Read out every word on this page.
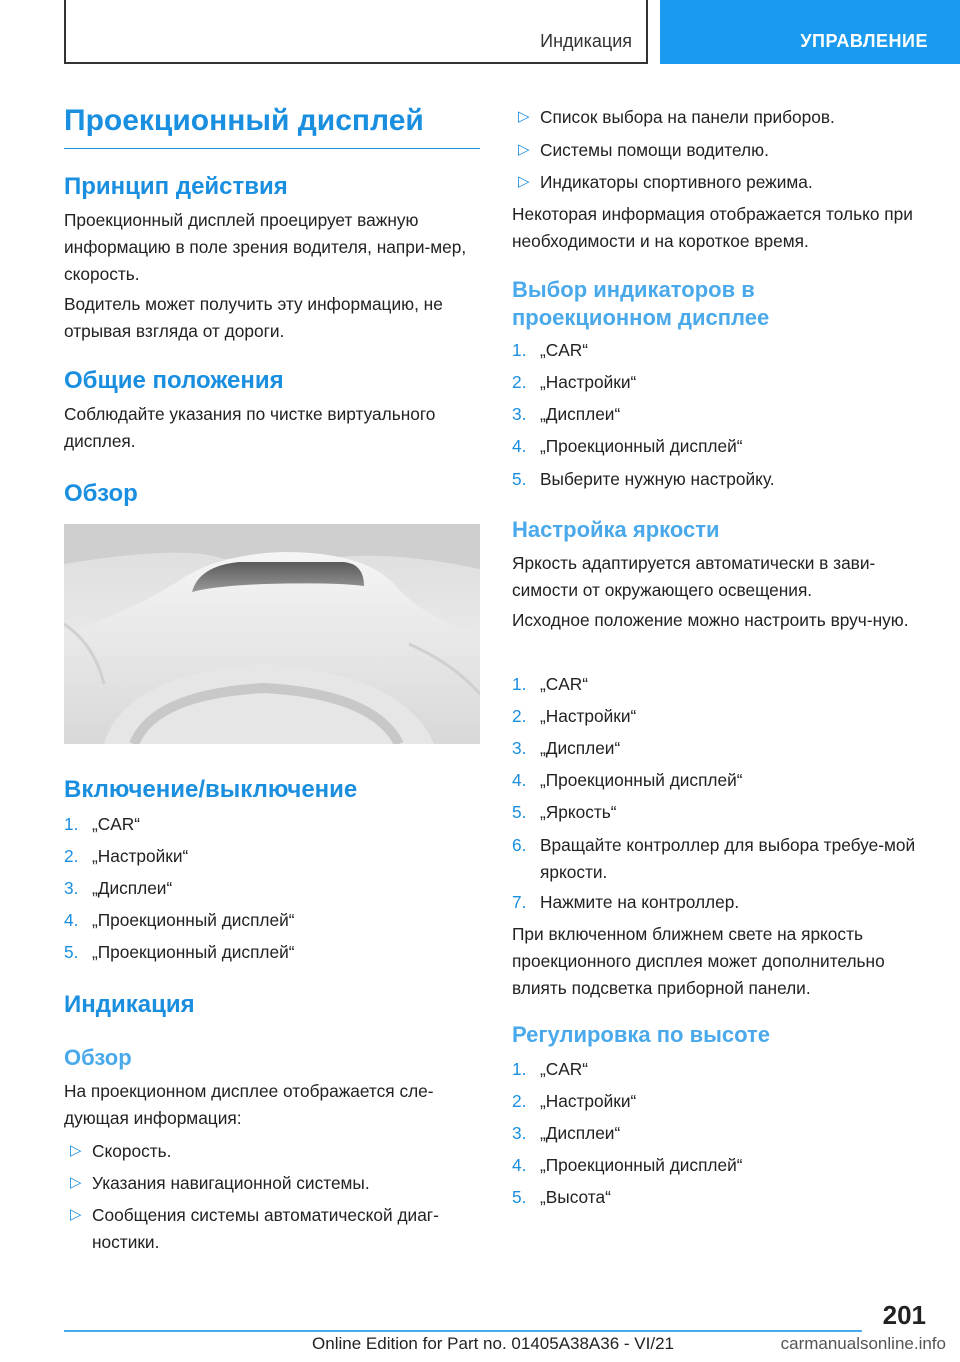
Индикация	УПРАВЛЕНИЕ
Проекционный дисплей
Принцип действия
Проекционный дисплей проецирует важную информацию в поле зрения водителя, напри-мер, скорость.
Водитель может получить эту информацию, не отрывая взгляда от дороги.
Общие положения
Соблюдайте указания по чистке виртуального дисплея.
Обзор
Включение/выключение
1. „CAR“
2. „Настройки“
3. „Дисплеи“
4. „Проекционный дисплей“
5. „Проекционный дисплей“
Индикация
Обзор
На проекционном дисплее отображается сле-дующая информация:
▷ Скорость.
▷ Указания навигационной системы.
▷ Сообщения системы автоматической диаг-ностики.
▷ Список выбора на панели приборов.
▷ Системы помощи водителю.
▷ Индикаторы спортивного режима.
Некоторая информация отображается только при необходимости и на короткое время.
Выбор индикаторов в
проекционном дисплее
1. „CAR“
2. „Настройки“
3. „Дисплеи“
4. „Проекционный дисплей“
5. Выберите нужную настройку.
Настройка яркости
Яркость адаптируется автоматически в зави-симости от окружающего освещения.
Исходное положение можно настроить вруч-ную.
1. „CAR“
2. „Настройки“
3. „Дисплеи“
4. „Проекционный дисплей“
5. „Яркость“
6. Вращайте контроллер для выбора требуе-мой яркости.
7. Нажмите на контроллер.
При включенном ближнем свете на яркость проекционного дисплея может дополнительно влиять подсветка приборной панели.
Регулировка по высоте
1. „CAR“
2. „Настройки“
3. „Дисплеи“
4. „Проекционный дисплей“
5. „Высота“
201
Online Edition for Part no. 01405A38A36 - VI/21	carmanualsonline.info
